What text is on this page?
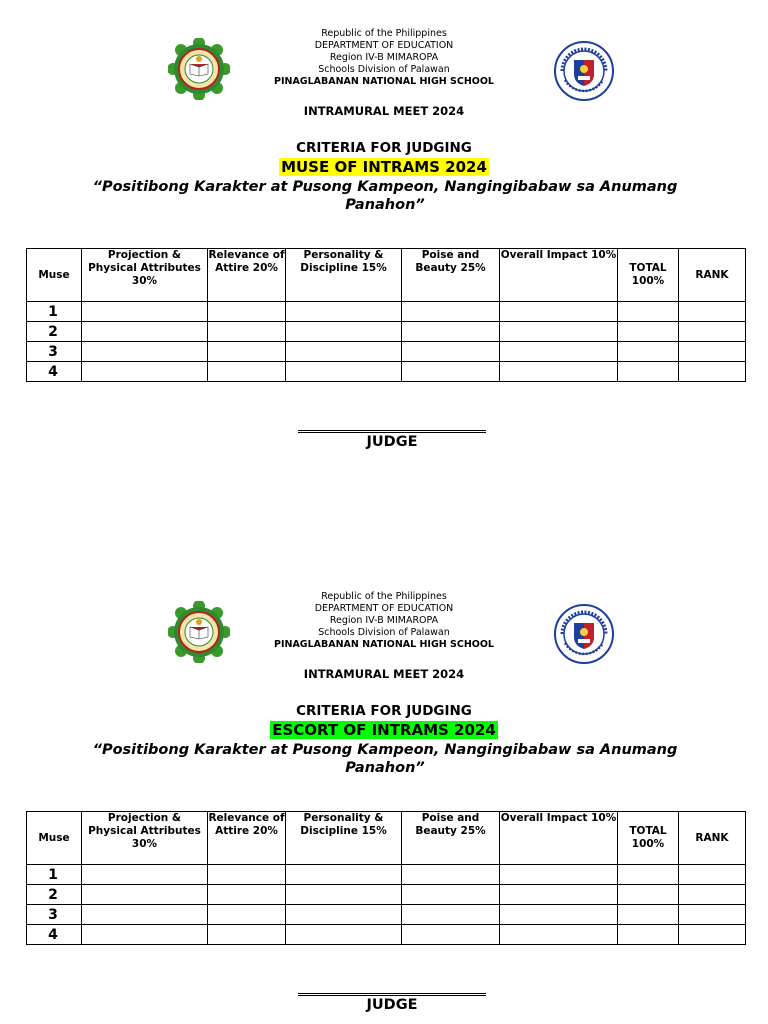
Republic of the Philippines
DEPARTMENT OF EDUCATION
Region IV-B MIMAROPA
Schools Division of Palawan
PINAGLABANAN NATIONAL HIGH SCHOOL
INTRAMURAL MEET 2024
CRITERIA FOR JUDGING
MUSE OF INTRAMS 2024
“Positibong Karakter at Pusong Kampeon, Nangingibabaw sa Anumang Panahon”
Muse	Projection & Physical Attributes 30%	Relevance of Attire 20%	Personality & Discipline 15%	Poise and Beauty 25%	Overall Impact 10%	TOTAL 100%	RANK
1							
2							
3							
4							
JUDGE
Republic of the Philippines
DEPARTMENT OF EDUCATION
Region IV-B MIMAROPA
Schools Division of Palawan
PINAGLABANAN NATIONAL HIGH SCHOOL
INTRAMURAL MEET 2024
CRITERIA FOR JUDGING
ESCORT OF INTRAMS 2024
“Positibong Karakter at Pusong Kampeon, Nangingibabaw sa Anumang Panahon”
Muse	Projection & Physical Attributes 30%	Relevance of Attire 20%	Personality & Discipline 15%	Poise and Beauty 25%	Overall Impact 10%	TOTAL 100%	RANK
1							
2							
3							
4							
JUDGE
